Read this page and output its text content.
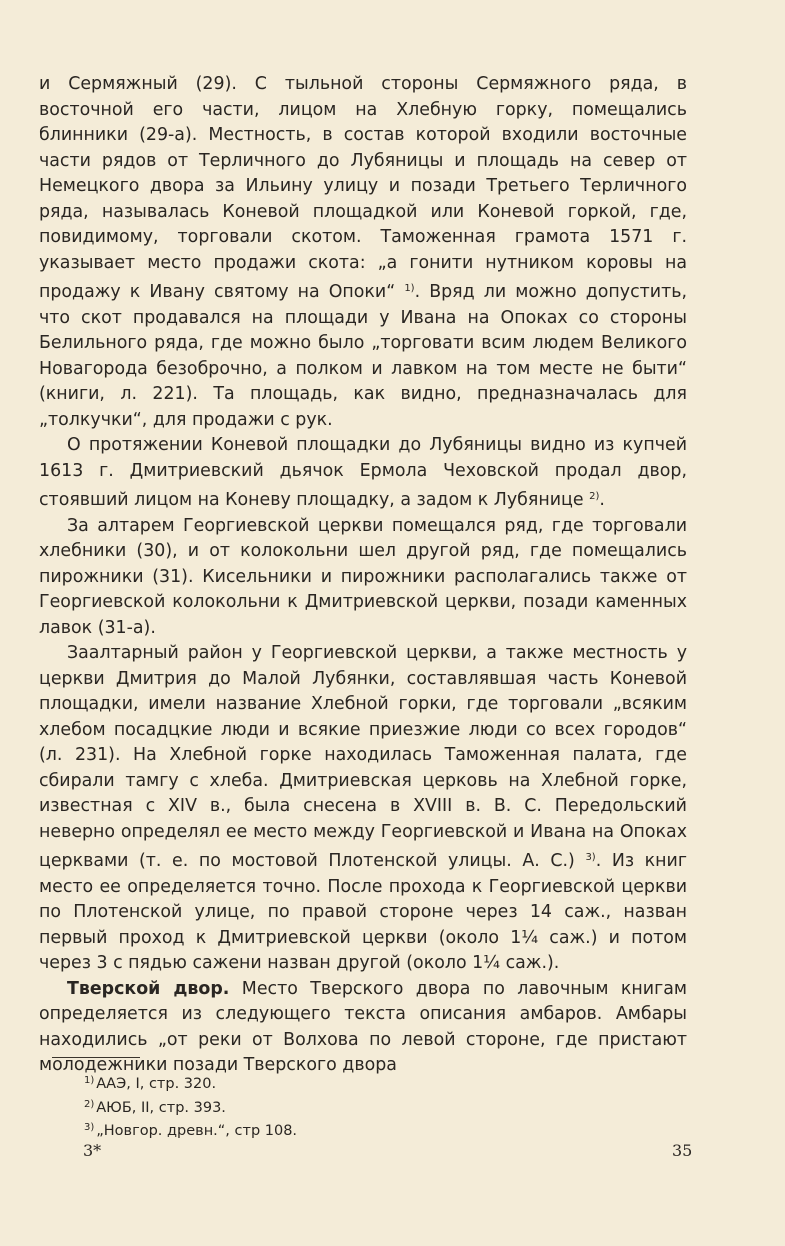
и Сермяжный (29). С тыльной стороны Сермяжного ряда, в восточной его части, лицом на Хлебную горку, помещались блинники (29-а). Местность, в состав которой входили восточные части рядов от Терличного до Лубяницы и площадь на север от Немецкого двора за Ильину улицу и позади Третьего Терличного ряда, называлась Коневой площадкой или Коневой горкой, где, повидимому, торговали скотом. Таможенная грамота 1571 г. указывает место продажи скота: „а гонити нутником коровы на продажу к Ивану святому на Опоки“ $^{1)}$. Вряд ли можно допустить, что скот продавался на площади у Ивана на Опоках со стороны Белильного ряда, где можно было „торговати всим людем Великого Новагорода безоброчно, а полком и лавком на том месте не быти“ (книги, л. 221). Та площадь, как видно, предназначалась для „толкучки“, для продажи с рук.

О протяжении Коневой площадки до Лубяницы видно из купчей 1613 г. Дмитриевский дьячок Ермола Чеховской продал двор, стоявший лицом на Коневу площадку, а задом к Лубянице $^{2)}$.

За алтарем Георгиевской церкви помещался ряд, где торговали хлебники (30), и от колокольни шел другой ряд, где помещались пирожники (31). Кисельники и пирожники располагались также от Георгиевской колокольни к Дмитриевской церкви, позади каменных лавок (31-а).

Заалтарный район у Георгиевской церкви, а также местность у церкви Дмитрия до Малой Лубянки, составлявшая часть Коневой площадки, имели название Хлебной горки, где торговали „всяким хлебом посадцкие люди и всякие приезжие люди со всех городов“ (л. 231). На Хлебной горке находилась Таможенная палата, где сбирали тамгу с хлеба. Дмитриевская церковь на Хлебной горке, известная с XIV в., была снесена в XVIII в. В. С. Передольский неверно определял ее место между Георгиевской и Ивана на Опоках церквами (т. е. по мостовой Плотенской улицы. А. С.) $^{3)}$. Из книг место ее определяется точно. После прохода к Георгиевской церкви по Плотенской улице, по правой стороне через 14 саж., назван первый проход к Дмитриевской церкви (около 1¼ саж.) и потом через 3 с пядью сажени назван другой (около 1¼ саж.).

Тверской двор. Место Тверского двора по лавочным книгам определяется из следующего текста описания амбаров. Амбары находились „от реки от Волхова по левой стороне, где пристают молодежники позади Тверского двора

$^{1)}$ ААЭ, I, стр. 320.
$^{2)}$ АЮБ, II, стр. 393.
$^{3)}$ „Новгор. древн.“, стр 108.
3*	35
